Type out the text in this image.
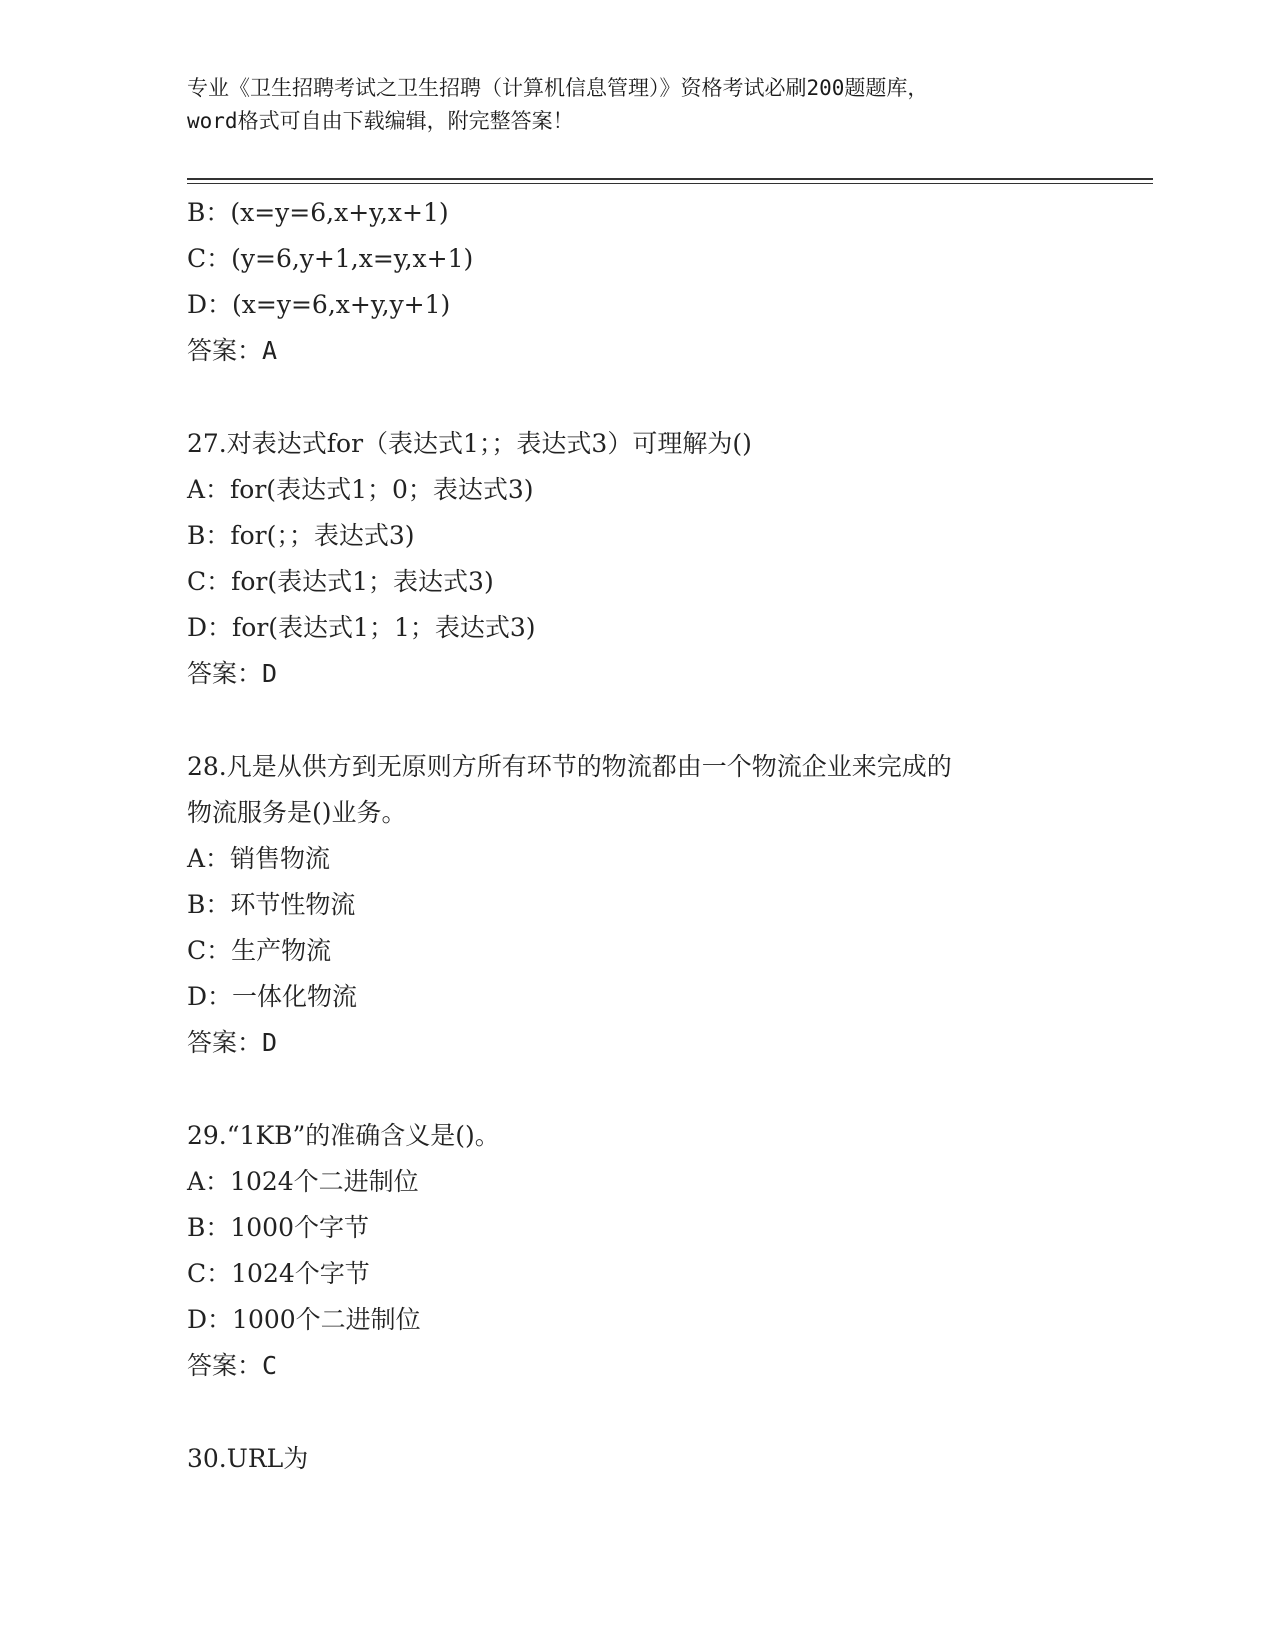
专业《卫生招聘考试之卫生招聘（计算机信息管理）》资格考试必刷200题题库，
word格式可自由下载编辑，附完整答案！
B：(x=y=6,x+y,x+1)
C：(y=6,y+1,x=y,x+1)
D：(x=y=6,x+y,y+1)
答案：A
27.对表达式for（表达式1；；表达式3）可理解为()
A：for(表达式1；0；表达式3)
B：for(；；表达式3)
C：for(表达式1；表达式3)
D：for(表达式1；1；表达式3)
答案：D
28.凡是从供方到无原则方所有环节的物流都由一个物流企业来完成的
物流服务是()业务。
A：销售物流
B：环节性物流
C：生产物流
D：一体化物流
答案：D
29.“1KB”的准确含义是()。
A：1024个二进制位
B：1000个字节
C：1024个字节
D：1000个二进制位
答案：C
30.URL为
